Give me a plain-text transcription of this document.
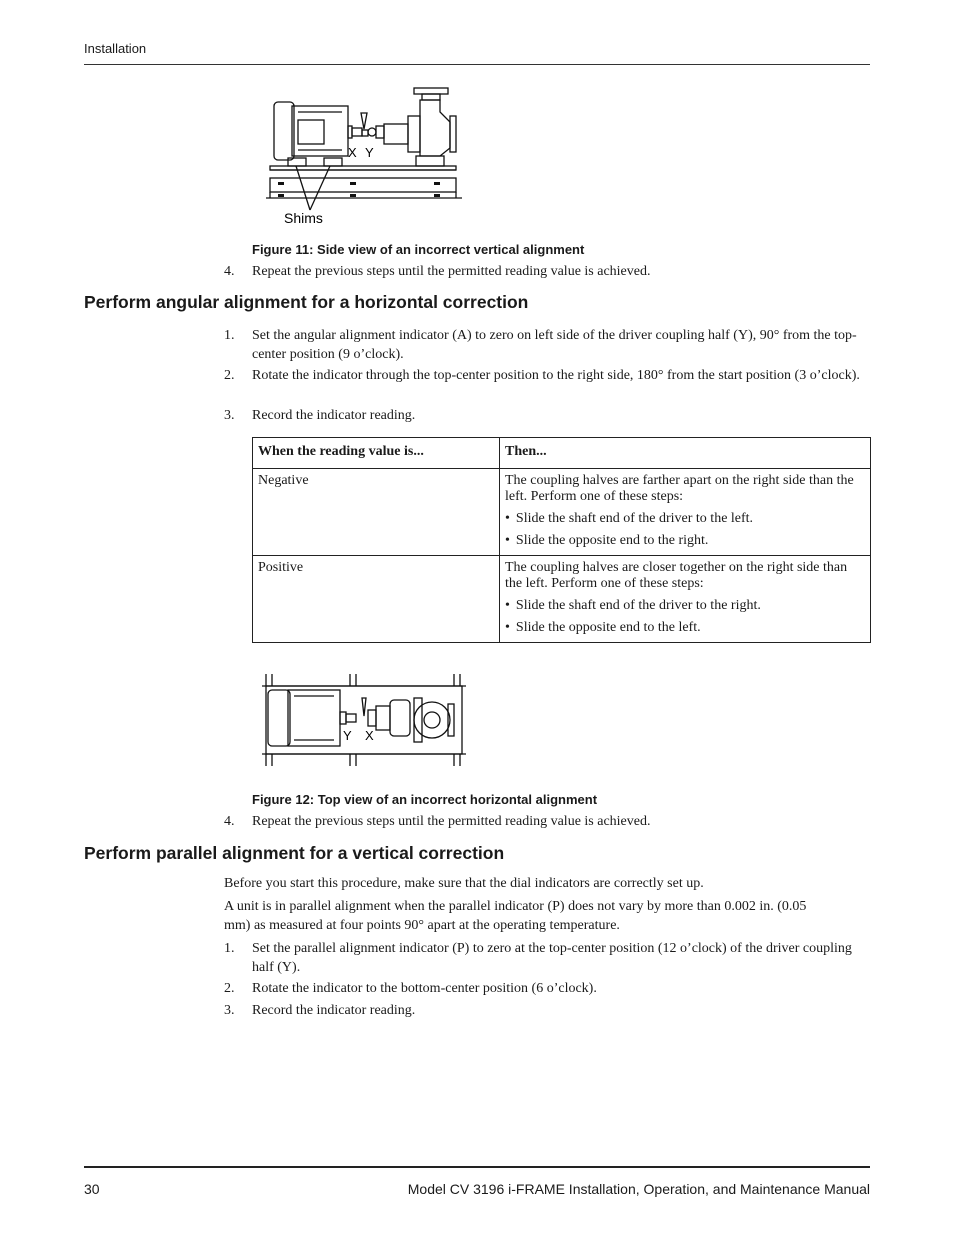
Installation
X Y
Shims
Figure 11: Side view of an incorrect vertical alignment
4.	Repeat the previous steps until the permitted reading value is achieved.
Perform angular alignment for a horizontal correction
1.	Set the angular alignment indicator (A) to zero on left side of the driver coupling half (Y), 90° from the top-center position (9 o’clock).
2.	Rotate the indicator through the top-center position to the right side, 180° from the start position (3 o’clock).
3.	Record the indicator reading.
When the reading value is...	Then...
Negative	The coupling halves are farther apart on the right side than the left. Perform one of these steps:
• Slide the shaft end of the driver to the left.
• Slide the opposite end to the right.

Positive	The coupling halves are closer together on the right side than the left. Perform one of these steps:
• Slide the shaft end of the driver to the right.
• Slide the opposite end to the left.
Y X
Figure 12: Top view of an incorrect horizontal alignment
4.	Repeat the previous steps until the permitted reading value is achieved.
Perform parallel alignment for a vertical correction
Before you start this procedure, make sure that the dial indicators are correctly set up.
A unit is in parallel alignment when the parallel indicator (P) does not vary by more than 0.002 in. (0.05 mm) as measured at four points 90° apart at the operating temperature.
1.	Set the parallel alignment indicator (P) to zero at the top-center position (12 o’clock) of the driver coupling half (Y).
2.	Rotate the indicator to the bottom-center position (6 o’clock).
3.	Record the indicator reading.
30	Model CV 3196 i-FRAME Installation, Operation, and Maintenance Manual
